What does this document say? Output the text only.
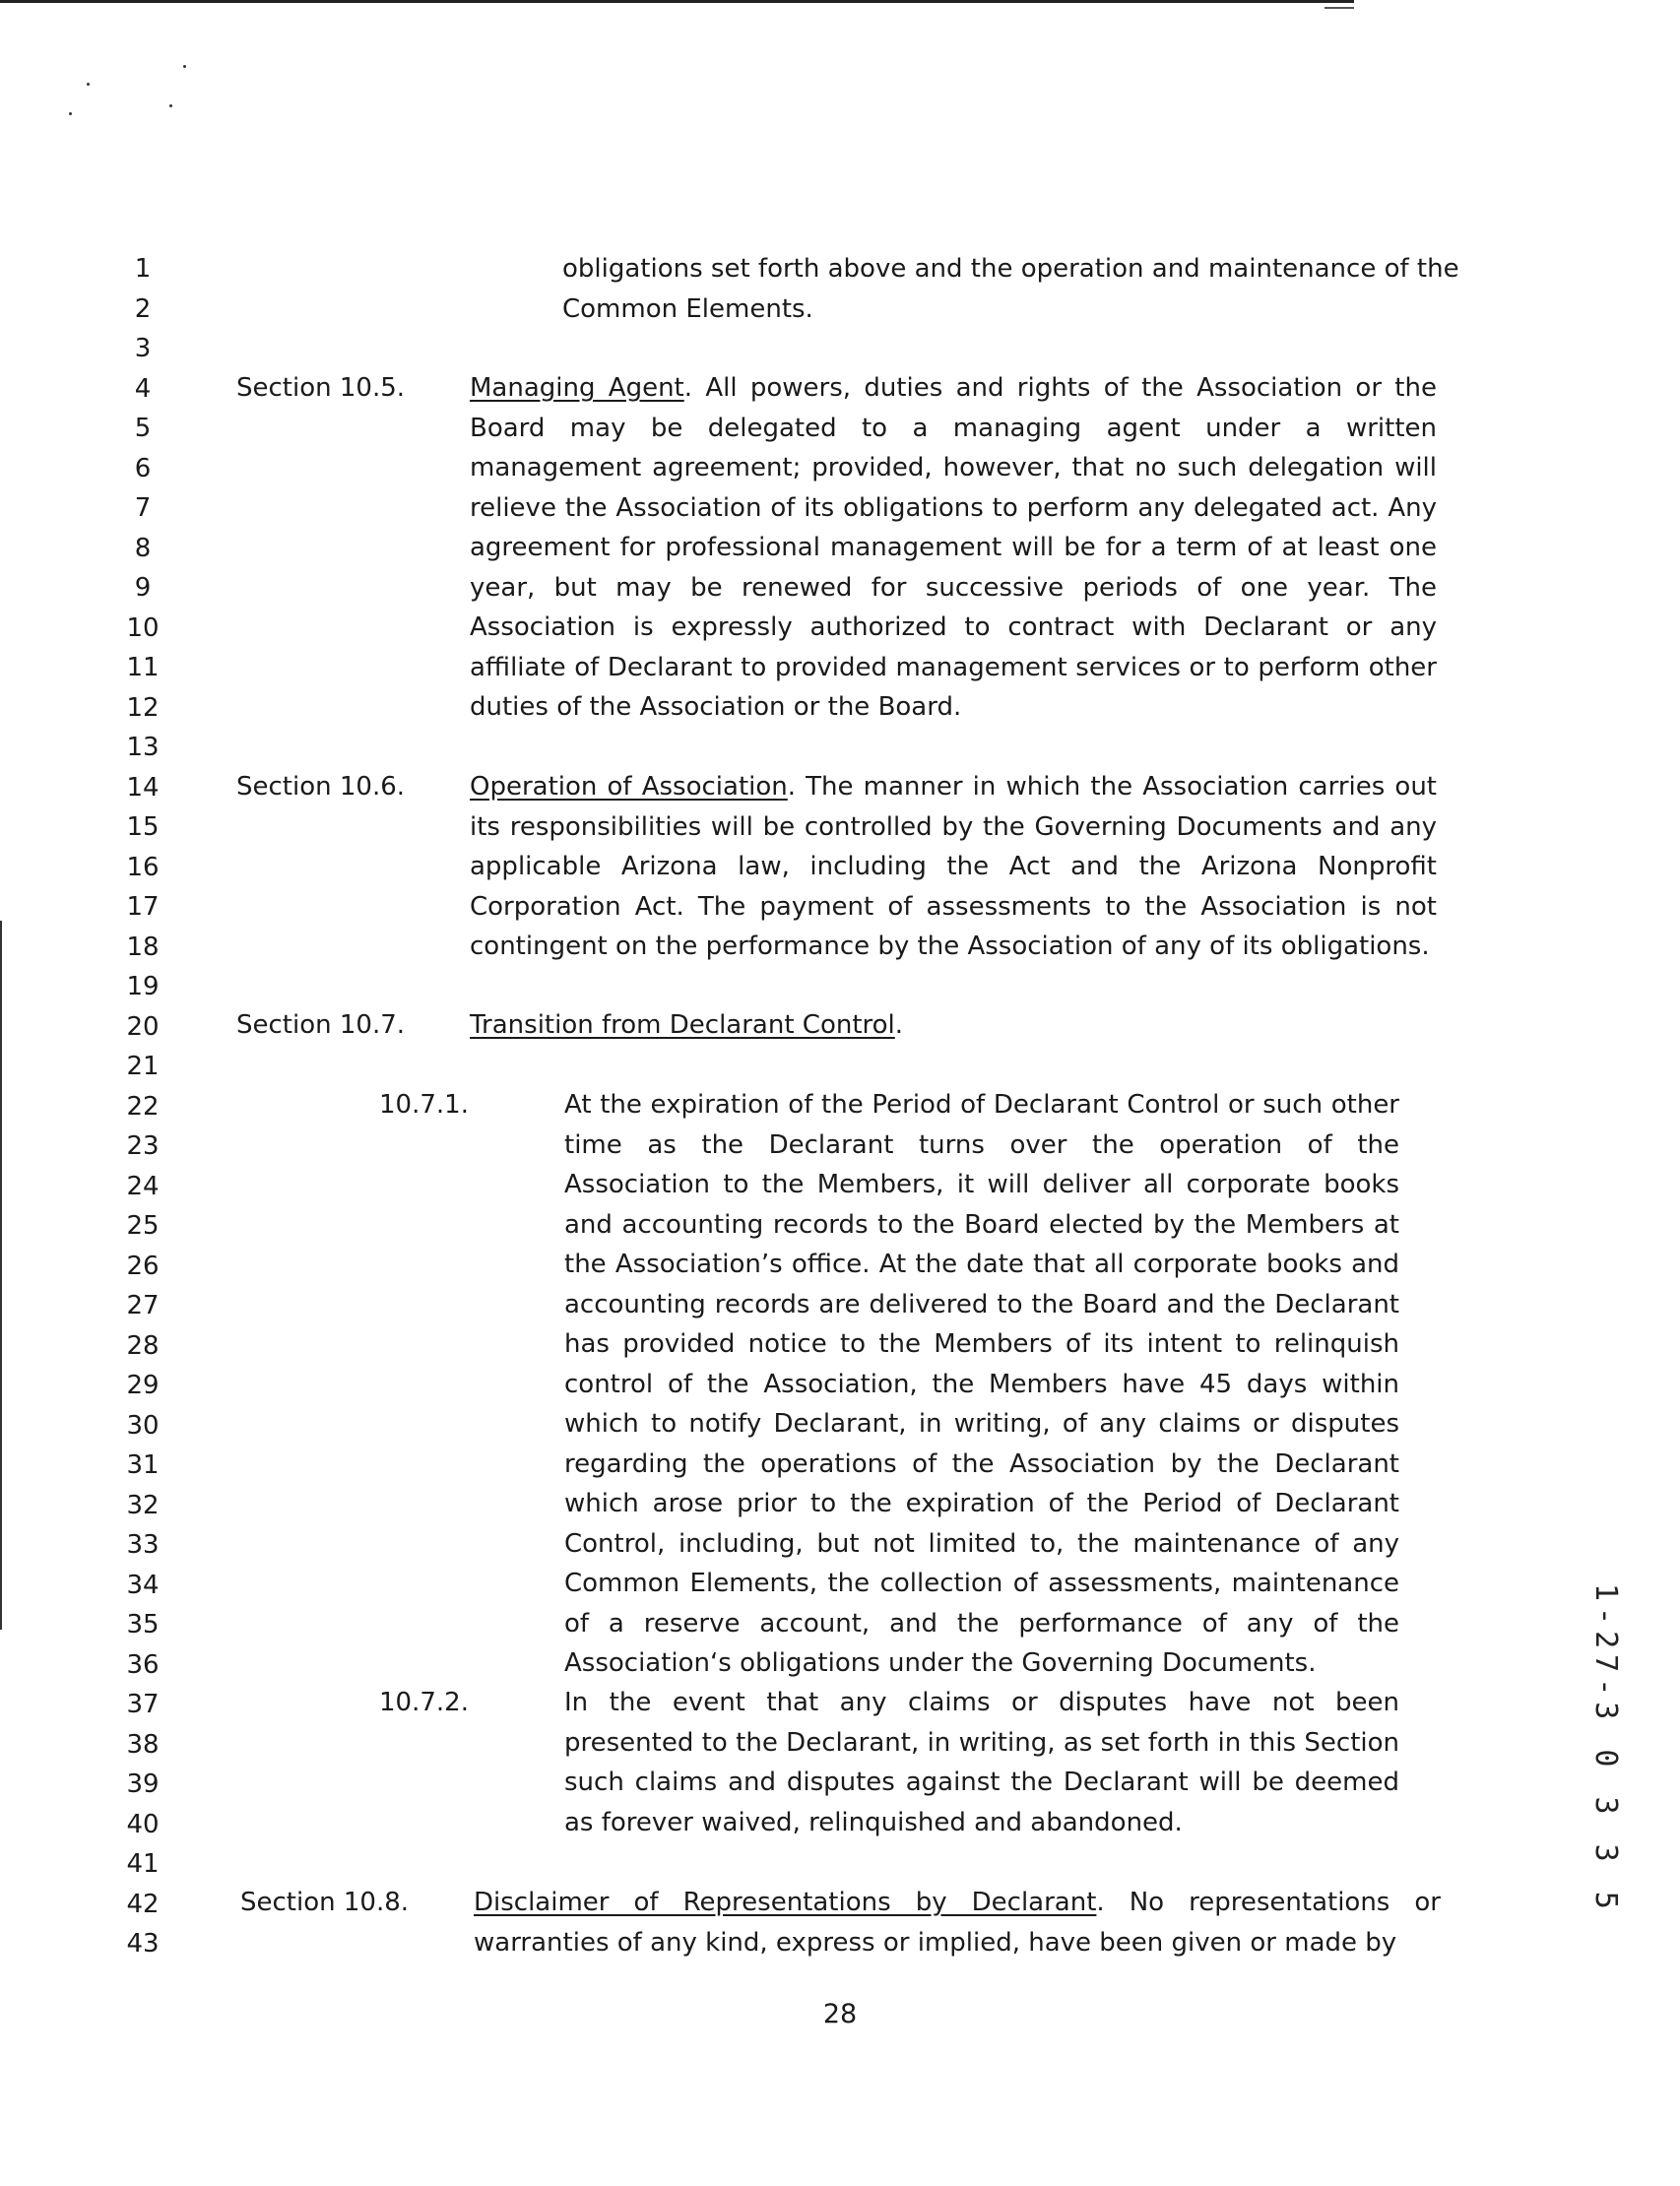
1
2
3
4
5
6
7
8
9
10
11
12
13
14
15
16
17
18
19
20
21
22
23
24
25
26
27
28
29
30
31
32
33
34
35
36
37
38
39
40
41
42
43
obligations set forth above and the operation and maintenance of the
Common Elements.
Section 10.5.	Managing Agent. All powers, duties and rights of the Association or the Board may be delegated to a managing agent under a written management agreement; provided, however, that no such delegation will relieve the Association of its obligations to perform any delegated act. Any agreement for professional management will be for a term of at least one year, but may be renewed for successive periods of one year. The Association is expressly authorized to contract with Declarant or any affiliate of Declarant to provided management services or to perform other duties of the Association or the Board.
Section 10.6.	Operation of Association. The manner in which the Association carries out its responsibilities will be controlled by the Governing Documents and any applicable Arizona law, including the Act and the Arizona Nonprofit Corporation Act. The payment of assessments to the Association is not contingent on the performance by the Association of any of its obligations.
Section 10.7.	Transition from Declarant Control.
10.7.1.	At the expiration of the Period of Declarant Control or such other time as the Declarant turns over the operation of the Association to the Members, it will deliver all corporate books and accounting records to the Board elected by the Members at the Association’s office. At the date that all corporate books and accounting records are delivered to the Board and the Declarant has provided notice to the Members of its intent to relinquish control of the Association, the Members have 45 days within which to notify Declarant, in writing, of any claims or disputes regarding the operations of the Association by the Declarant which arose prior to the expiration of the Period of Declarant Control, including, but not limited to, the maintenance of any Common Elements, the collection of assessments, maintenance of a reserve account, and the performance of any of the Association‘s obligations under the Governing Documents.
10.7.2.	In the event that any claims or disputes have not been presented to the Declarant, in writing, as set forth in this Section such claims and disputes against the Declarant will be deemed as forever waived, relinquished and abandoned.
Section 10.8.	Disclaimer of Representations by Declarant. No representations or warranties of any kind, express or implied, have been given or made by
28
1-27-3 0 3 3 5
